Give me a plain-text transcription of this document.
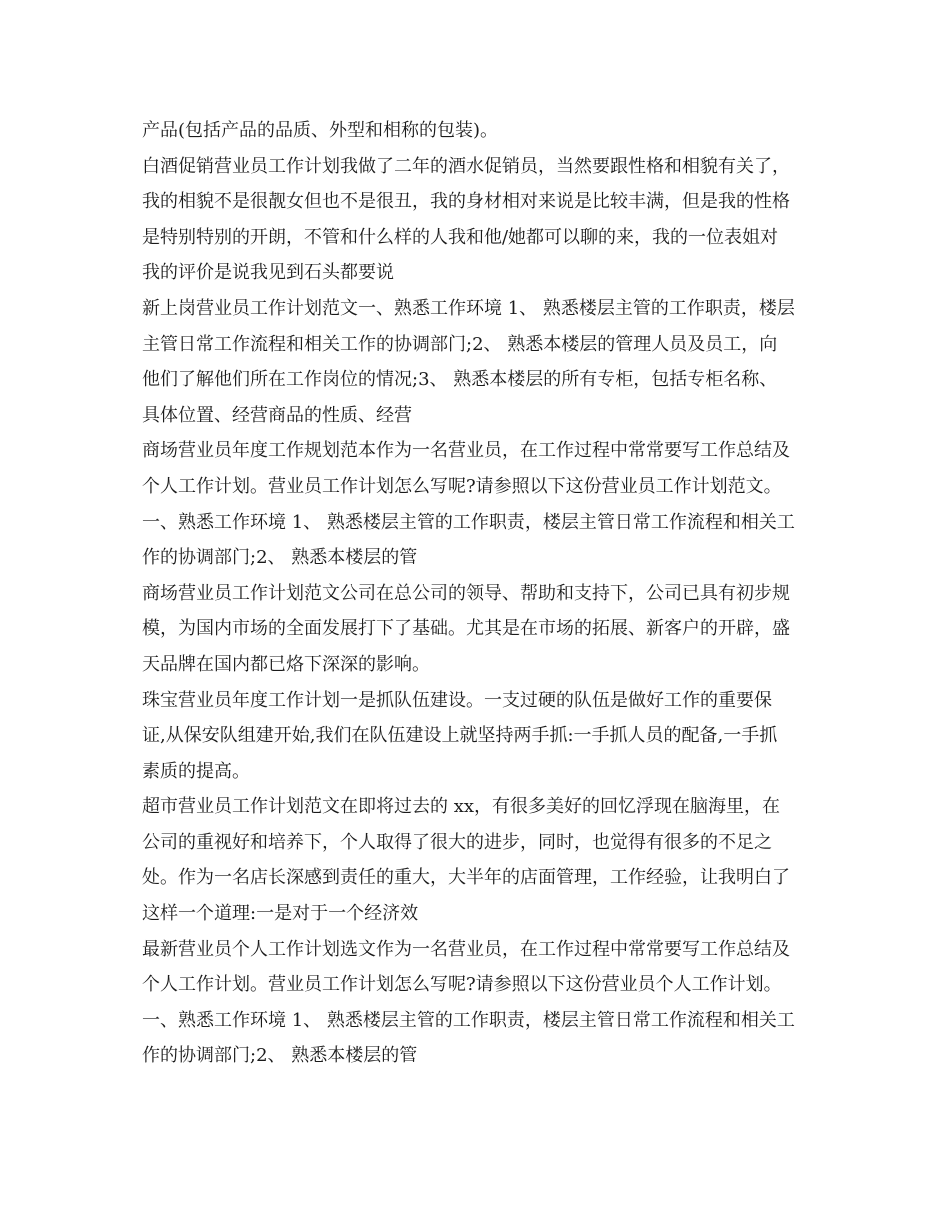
产品(包括产品的品质、外型和相称的包装)。
白酒促销营业员工作计划我做了二年的酒水促销员，当然要跟性格和相貌有关了，
我的相貌不是很靓女但也不是很丑，我的身材相对来说是比较丰满，但是我的性格
是特别特别的开朗，不管和什么样的人我和他/她都可以聊的来，我的一位表姐对
我的评价是说我见到石头都要说
新上岗营业员工作计划范文一、熟悉工作环境 1、 熟悉楼层主管的工作职责，楼层
主管日常工作流程和相关工作的协调部门;2、 熟悉本楼层的管理人员及员工，向
他们了解他们所在工作岗位的情况;3、 熟悉本楼层的所有专柜，包括专柜名称、
具体位置、经营商品的性质、经营
商场营业员年度工作规划范本作为一名营业员，在工作过程中常常要写工作总结及
个人工作计划。营业员工作计划怎么写呢?请参照以下这份营业员工作计划范文。
一、熟悉工作环境 1、 熟悉楼层主管的工作职责，楼层主管日常工作流程和相关工
作的协调部门;2、 熟悉本楼层的管
商场营业员工作计划范文公司在总公司的领导、帮助和支持下，公司已具有初步规
模，为国内市场的全面发展打下了基础。尤其是在市场的拓展、新客户的开辟，盛
天品牌在国内都已烙下深深的影响。
珠宝营业员年度工作计划一是抓队伍建设。一支过硬的队伍是做好工作的重要保
证,从保安队组建开始,我们在队伍建设上就坚持两手抓:一手抓人员的配备,一手抓
素质的提高。
超市营业员工作计划范文在即将过去的 xx，有很多美好的回忆浮现在脑海里，在
公司的重视好和培养下，个人取得了很大的进步，同时，也觉得有很多的不足之
处。作为一名店长深感到责任的重大，大半年的店面管理，工作经验，让我明白了
这样一个道理:一是对于一个经济效
最新营业员个人工作计划选文作为一名营业员，在工作过程中常常要写工作总结及
个人工作计划。营业员工作计划怎么写呢?请参照以下这份营业员个人工作计划。
一、熟悉工作环境 1、 熟悉楼层主管的工作职责，楼层主管日常工作流程和相关工
作的协调部门;2、 熟悉本楼层的管
